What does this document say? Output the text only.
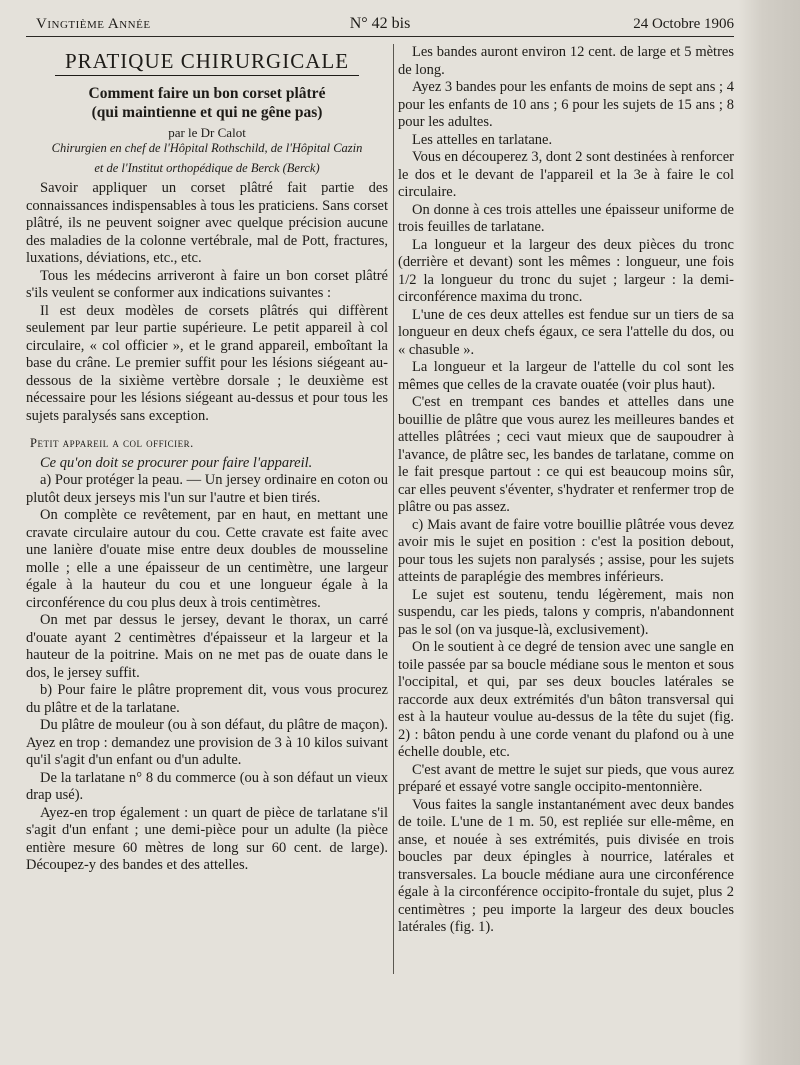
Vingtième Année	N° 42 bis	24 Octobre 1906
PRATIQUE CHIRURGICALE
Comment faire un bon corset plâtré
(qui maintienne et qui ne gêne pas)
par le Dr Calot
Chirurgien en chef de l'Hôpital Rothschild, de l'Hôpital Cazin
et de l'Institut orthopédique de Berck (Berck)

Savoir appliquer un corset plâtré fait partie des connaissances indispensables à tous les praticiens. Sans corset plâtré, ils ne peuvent soigner avec quelque précision aucune des maladies de la colonne vertébrale, mal de Pott, fractures, luxations, déviations, etc., etc.

Tous les médecins arriveront à faire un bon corset plâtré s'ils veulent se conformer aux indications suivantes :

Il est deux modèles de corsets plâtrés qui diffèrent seulement par leur partie supérieure. Le petit appareil à col circulaire, « col officier », et le grand appareil, emboîtant la base du crâne. Le premier suffit pour les lésions siégeant au-dessous de la sixième vertèbre dorsale ; le deuxième est nécessaire pour les lésions siégeant au-dessus et pour tous les sujets paralysés sans exception.

Petit appareil a col officier.

Ce qu'on doit se procurer pour faire l'appareil.

a) Pour protéger la peau. — Un jersey ordinaire en coton ou plutôt deux jerseys mis l'un sur l'autre et bien tirés.

On complète ce revêtement, par en haut, en mettant une cravate circulaire autour du cou. Cette cravate est faite avec une lanière d'ouate mise entre deux doubles de mousseline molle ; elle a une épaisseur de un centimètre, une largeur égale à la hauteur du cou et une longueur égale à la circonférence du cou plus deux à trois centimètres.

On met par dessus le jersey, devant le thorax, un carré d'ouate ayant 2 centimètres d'épaisseur et la largeur et la hauteur de la poitrine. Mais on ne met pas de ouate dans le dos, le jersey suffit.

b) Pour faire le plâtre proprement dit, vous vous procurez du plâtre et de la tarlatane.

Du plâtre de mouleur (ou à son défaut, du plâtre de maçon). Ayez en trop : demandez une provision de 3 à 10 kilos suivant qu'il s'agit d'un enfant ou d'un adulte.

De la tarlatane n° 8 du commerce (ou à son défaut un vieux drap usé).

Ayez-en trop également : un quart de pièce de tarlatane s'il s'agit d'un enfant ; une demi-pièce pour un adulte (la pièce entière mesure 60 mètres de long sur 60 cent. de large). Découpez-y des bandes et des attelles.

Les bandes auront environ 12 cent. de large et 5 mètres de long.

Ayez 3 bandes pour les enfants de moins de sept ans ; 4 pour les enfants de 10 ans ; 6 pour les sujets de 15 ans ; 8 pour les adultes.

Les attelles en tarlatane.

Vous en découperez 3, dont 2 sont destinées à renforcer le dos et le devant de l'appareil et la 3e à faire le col circulaire.

On donne à ces trois attelles une épaisseur uniforme de trois feuilles de tarlatane.

La longueur et la largeur des deux pièces du tronc (derrière et devant) sont les mêmes : longueur, une fois 1/2 la longueur du tronc du sujet ; largeur : la demi-circonférence maxima du tronc.

L'une de ces deux attelles est fendue sur un tiers de sa longueur en deux chefs égaux, ce sera l'attelle du dos, ou « chasuble ».

La longueur et la largeur de l'attelle du col sont les mêmes que celles de la cravate ouatée (voir plus haut).

C'est en trempant ces bandes et attelles dans une bouillie de plâtre que vous aurez les meilleures bandes et attelles plâtrées ; ceci vaut mieux que de saupoudrer à l'avance, de plâtre sec, les bandes de tarlatane, comme on le fait presque partout : ce qui est beaucoup moins sûr, car elles peuvent s'éventer, s'hydrater et renfermer trop de plâtre ou pas assez.

c) Mais avant de faire votre bouillie plâtrée vous devez avoir mis le sujet en position : c'est la position debout, pour tous les sujets non paralysés ; assise, pour les sujets atteints de paraplégie des membres inférieurs.

Le sujet est soutenu, tendu légèrement, mais non suspendu, car les pieds, talons y compris, n'abandonnent pas le sol (on va jusque-là, exclusivement).

On le soutient à ce degré de tension avec une sangle en toile passée par sa boucle médiane sous le menton et sous l'occipital, et qui, par ses deux boucles latérales se raccorde aux deux extrémités d'un bâton transversal qui est à la hauteur voulue au-dessus de la tête du sujet (fig. 2) : bâton pendu à une corde venant du plafond ou à une échelle double, etc.

C'est avant de mettre le sujet sur pieds, que vous aurez préparé et essayé votre sangle occipito-mentonnière.

Vous faites la sangle instantanément avec deux bandes de toile. L'une de 1 m. 50, est repliée sur elle-même, en anse, et nouée à ses extrémités, puis divisée en trois boucles par deux épingles à nourrice, latérales et transversales. La boucle médiane aura une circonférence égale à la circonférence occipito-frontale du sujet, plus 2 centimètres ; peu importe la largeur des deux boucles latérales (fig. 1).
